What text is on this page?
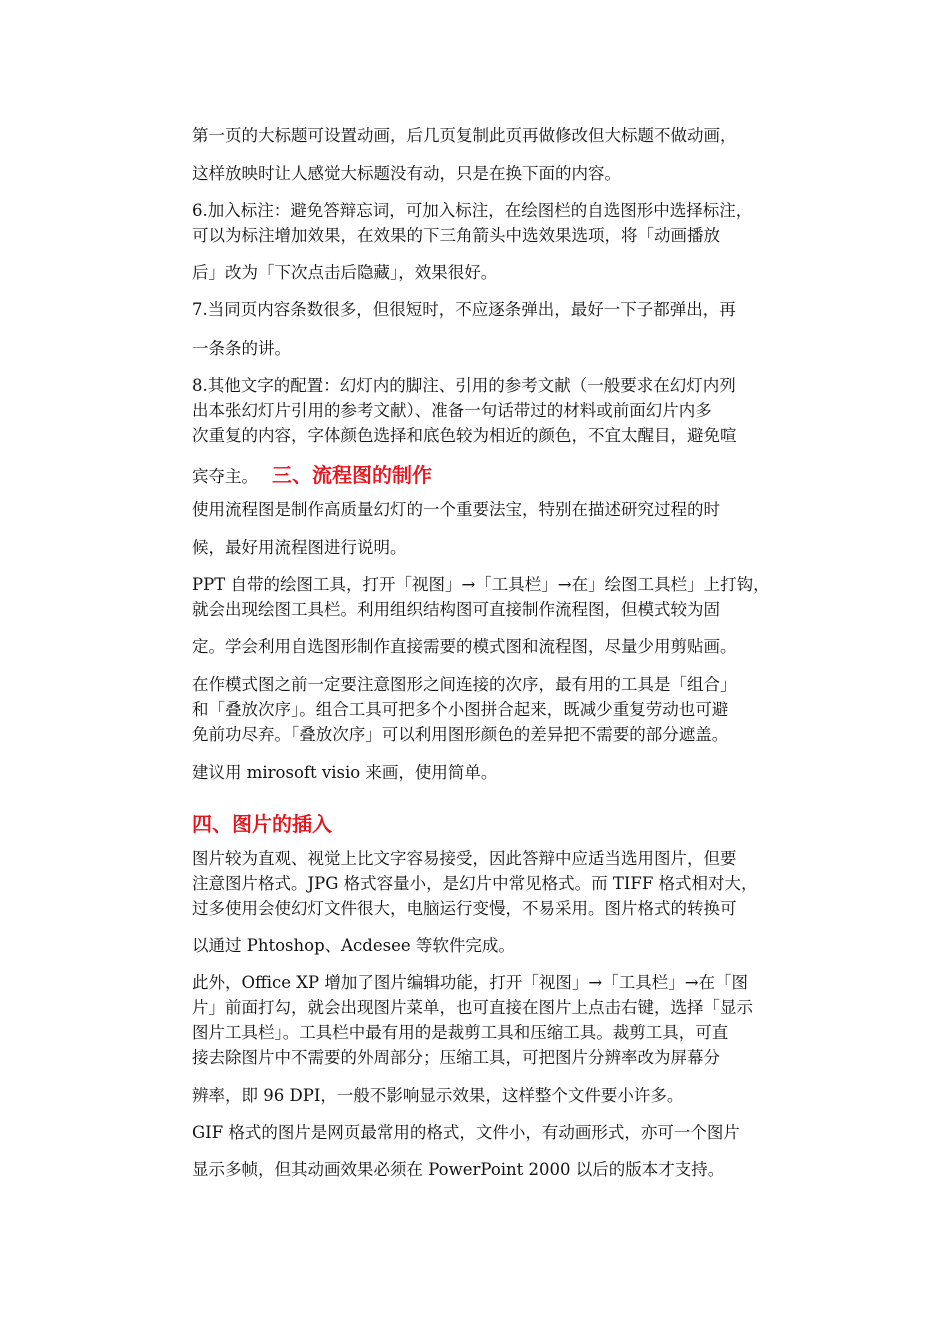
第一页的大标题可设置动画，后几页复制此页再做修改但大标题不做动画，
这样放映时让人感觉大标题没有动，只是在换下面的内容。
6.加入标注：避免答辩忘词，可加入标注，在绘图栏的自选图形中选择标注，
可以为标注增加效果，在效果的下三角箭头中选效果选项，将「动画播放
后」改为「下次点击后隐藏」，效果很好。
7.当同页内容条数很多，但很短时，不应逐条弹出，最好一下子都弹出，再
一条条的讲。
8.其他文字的配置：幻灯内的脚注、引用的参考文献（一般要求在幻灯内列
出本张幻灯片引用的参考文献）、准备一句话带过的材料或前面幻片内多
次重复的内容，字体颜色选择和底色较为相近的颜色，不宜太醒目，避免喧
宾夺主。 三、流程图的制作
使用流程图是制作高质量幻灯的一个重要法宝，特别在描述研究过程的时
候，最好用流程图进行说明。
PPT 自带的绘图工具，打开「视图」→「工具栏」→在」绘图工具栏」上打钩，
就会出现绘图工具栏。利用组织结构图可直接制作流程图，但模式较为固
定。学会利用自选图形制作直接需要的模式图和流程图，尽量少用剪贴画。
在作模式图之前一定要注意图形之间连接的次序，最有用的工具是「组合」
和「叠放次序」。组合工具可把多个小图拼合起来，既减少重复劳动也可避
免前功尽弃。「叠放次序」可以利用图形颜色的差异把不需要的部分遮盖。
建议用 mirosoft visio 来画，使用简单。
四、图片的插入
图片较为直观、视觉上比文字容易接受，因此答辩中应适当选用图片，但要
注意图片格式。JPG 格式容量小，是幻片中常见格式。而 TIFF 格式相对大，
过多使用会使幻灯文件很大，电脑运行变慢，不易采用。图片格式的转换可
以通过 Phtoshop、Acdesee 等软件完成。
此外，Office XP 增加了图片编辑功能，打开「视图」→「工具栏」→在「图
片」前面打勾，就会出现图片菜单，也可直接在图片上点击右键，选择「显示
图片工具栏」。工具栏中最有用的是裁剪工具和压缩工具。裁剪工具，可直
接去除图片中不需要的外周部分；压缩工具，可把图片分辨率改为屏幕分
辨率，即 96 DPI，一般不影响显示效果，这样整个文件要小许多。
GIF 格式的图片是网页最常用的格式，文件小，有动画形式，亦可一个图片
显示多帧，但其动画效果必须在 PowerPoint 2000 以后的版本才支持。
